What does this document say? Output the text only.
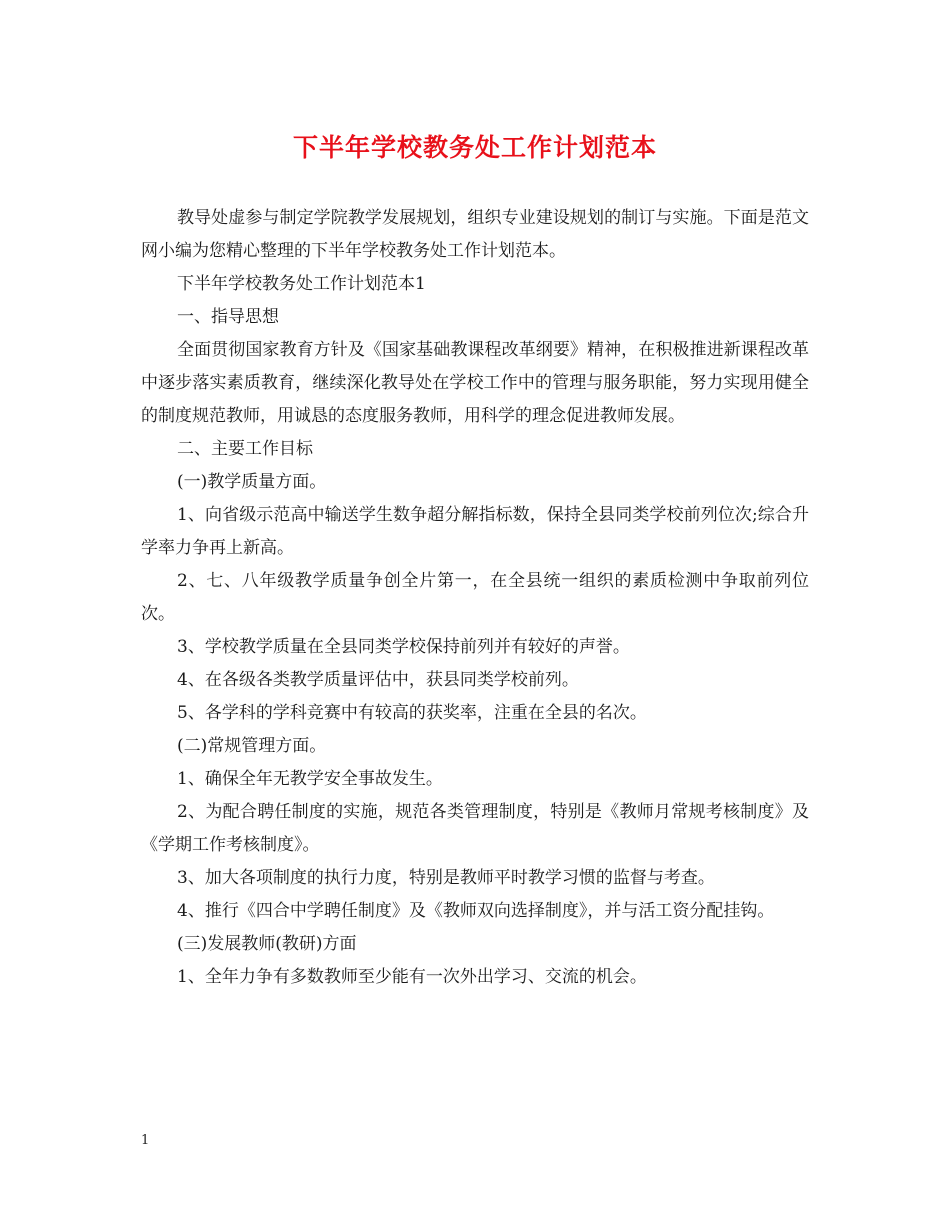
下半年学校教务处工作计划范本

教导处虚参与制定学院教学发展规划，组织专业建设规划的制订与实施。下面是范文网小编为您精心整理的下半年学校教务处工作计划范本。

下半年学校教务处工作计划范本1

一、指导思想

全面贯彻国家教育方针及《国家基础教课程改革纲要》精神，在积极推进新课程改革中逐步落实素质教育，继续深化教导处在学校工作中的管理与服务职能，努力实现用健全的制度规范教师，用诚恳的态度服务教师，用科学的理念促进教师发展。

二、主要工作目标

(一)教学质量方面。

1、向省级示范高中输送学生数争超分解指标数，保持全县同类学校前列位次;综合升学率力争再上新高。

2、七、八年级教学质量争创全片第一，在全县统一组织的素质检测中争取前列位次。

3、学校教学质量在全县同类学校保持前列并有较好的声誉。

4、在各级各类教学质量评估中，获县同类学校前列。

5、各学科的学科竞赛中有较高的获奖率，注重在全县的名次。

(二)常规管理方面。

1、确保全年无教学安全事故发生。

2、为配合聘任制度的实施，规范各类管理制度，特别是《教师月常规考核制度》及《学期工作考核制度》。

3、加大各项制度的执行力度，特别是教师平时教学习惯的监督与考查。

4、推行《四合中学聘任制度》及《教师双向选择制度》，并与活工资分配挂钩。

(三)发展教师(教研)方面

1、全年力争有多数教师至少能有一次外出学习、交流的机会。

1
